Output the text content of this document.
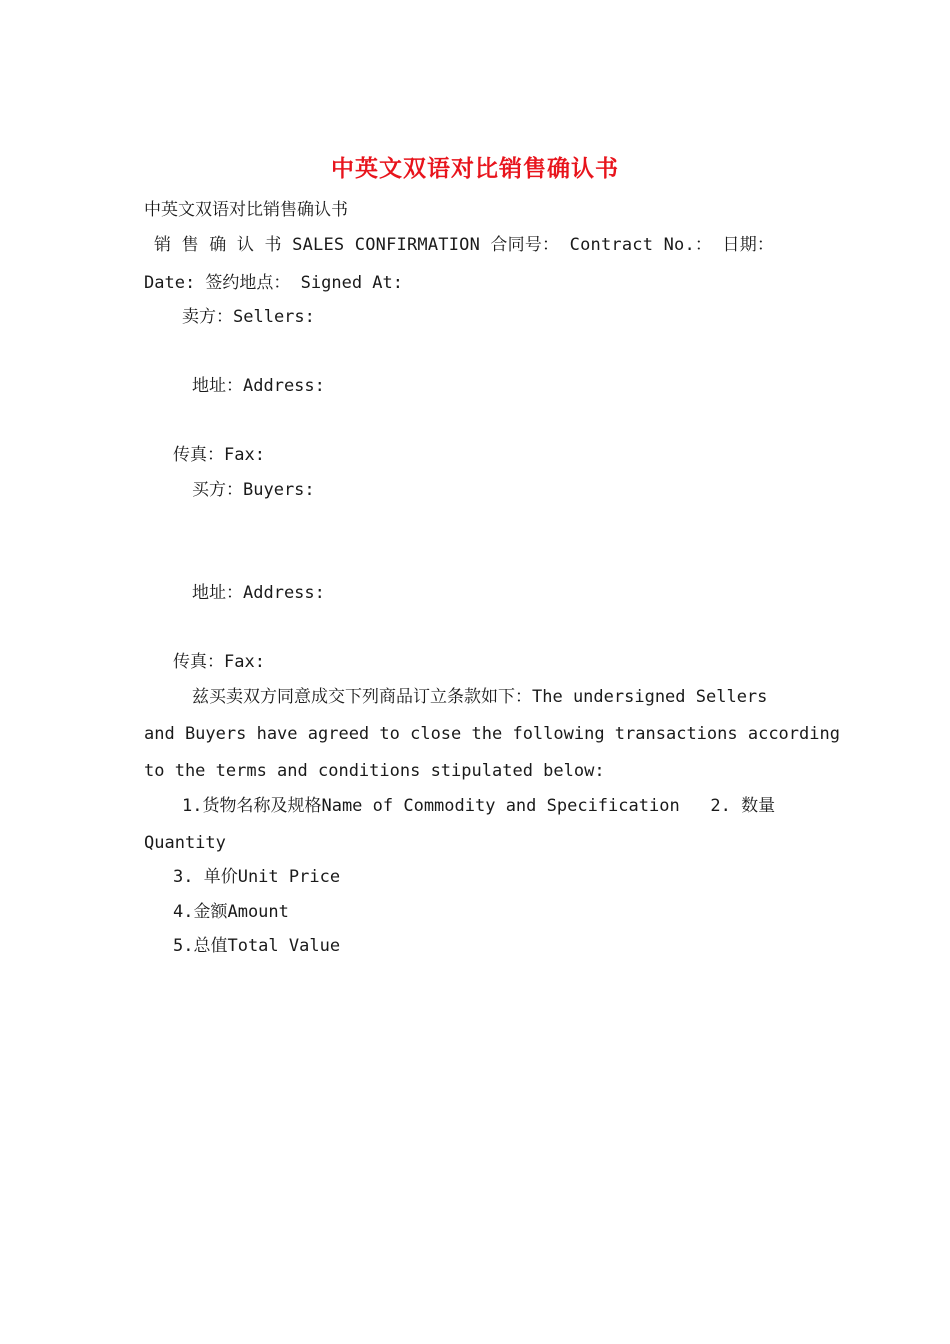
中英文双语对比销售确认书
中英文双语对比销售确认书
销 售 确 认 书 SALES CONFIRMATION 合同号： Contract No.： 日期：
Date: 签约地点： Signed At:
卖方：Sellers:
地址：Address:
传真：Fax:
买方：Buyers:
地址：Address:
传真：Fax:
兹买卖双方同意成交下列商品订立条款如下：The undersigned Sellers
and Buyers have agreed to close the following transactions according
to the terms and conditions stipulated below:
1.货物名称及规格Name of Commodity and Specification   2. 数量
Quantity
3. 单价Unit Price
4.金额Amount
5.总值Total Value
